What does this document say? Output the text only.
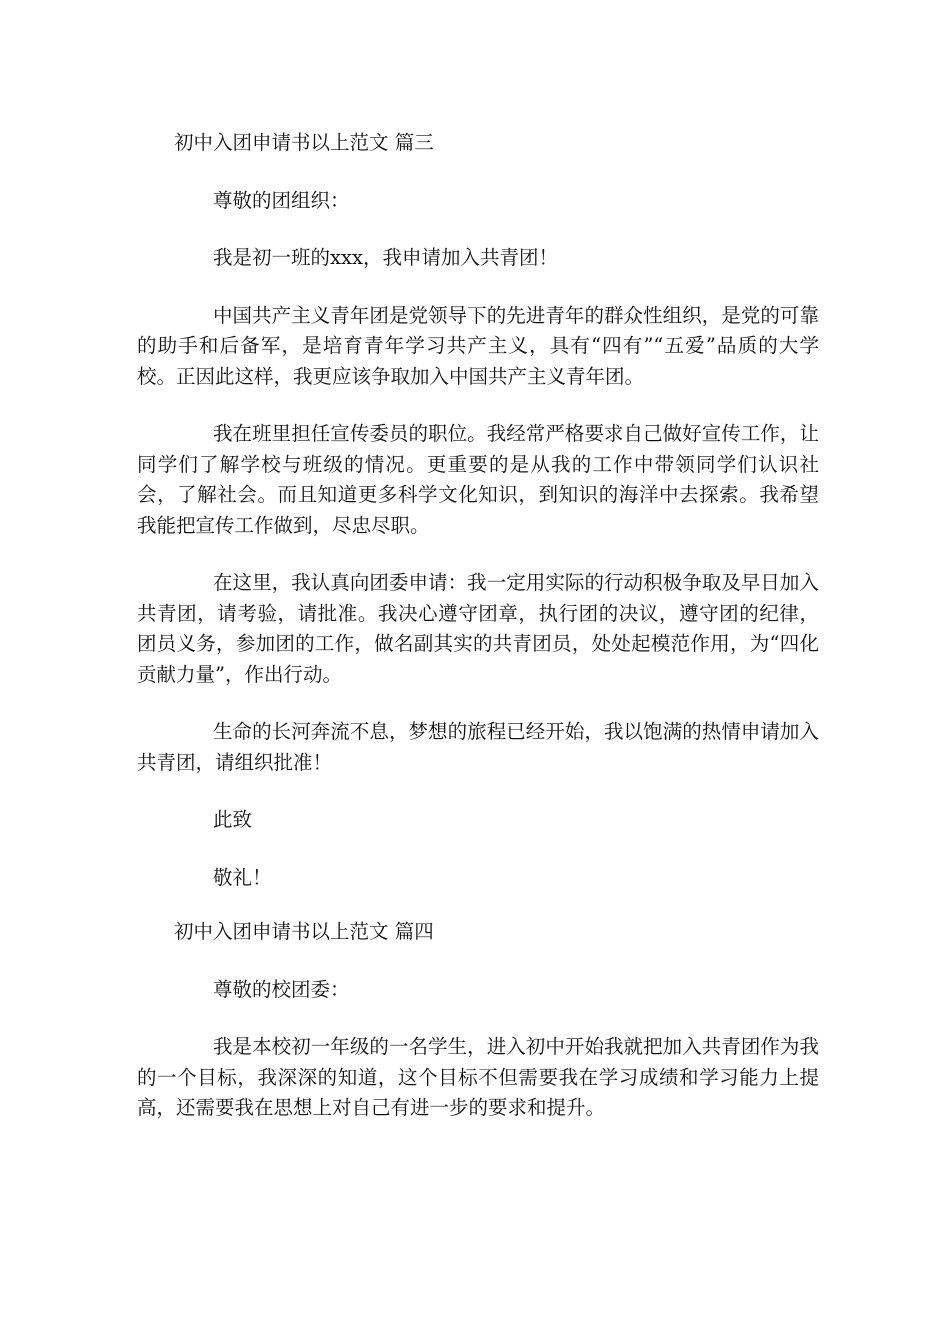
初中入团申请书以上范文 篇三
尊敬的团组织：
我是初一班的xxx，我申请加入共青团！
中国共产主义青年团是党领导下的先进青年的群众性组织，是党的可靠的助手和后备军，是培育青年学习共产主义，具有“四有”“五爱”品质的大学校。正因此这样，我更应该争取加入中国共产主义青年团。
我在班里担任宣传委员的职位。我经常严格要求自己做好宣传工作，让同学们了解学校与班级的情况。更重要的是从我的工作中带领同学们认识社会，了解社会。而且知道更多科学文化知识，到知识的海洋中去探索。我希望我能把宣传工作做到，尽忠尽职。
在这里，我认真向团委申请：我一定用实际的行动积极争取及早日加入共青团，请考验，请批准。我决心遵守团章，执行团的决议，遵守团的纪律，团员义务，参加团的工作，做名副其实的共青团员，处处起模范作用，为“四化贡献力量”，作出行动。
生命的长河奔流不息，梦想的旅程已经开始，我以饱满的热情申请加入共青团，请组织批准！
此致
敬礼！
初中入团申请书以上范文 篇四
尊敬的校团委：
我是本校初一年级的一名学生，进入初中开始我就把加入共青团作为我的一个目标，我深深的知道，这个目标不但需要我在学习成绩和学习能力上提高，还需要我在思想上对自己有进一步的要求和提升。
